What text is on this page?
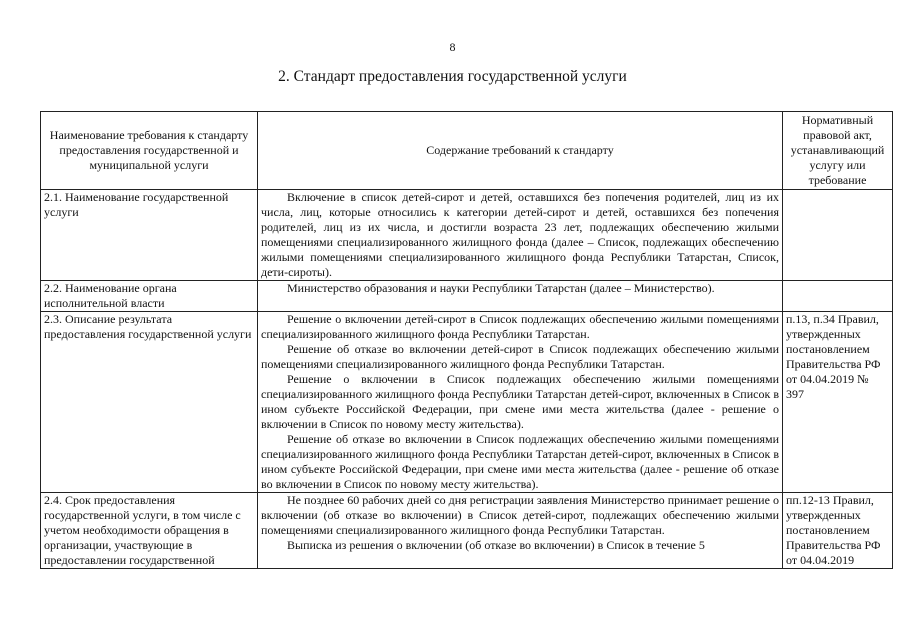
8
2. Стандарт предоставления государственной услуги
Наименование требования к стандарту предоставления государственной и муниципальной услуги	Содержание требований к стандарту	Нормативный правовой акт, устанавливающий услугу или требование
2.1. Наименование государственной услуги	Включение в список детей-сирот и детей, оставшихся без попечения родителей, лиц из их числа, лиц, которые относились к категории детей-сирот и детей, оставшихся без попечения родителей, лиц из их числа, и достигли возраста 23 лет, подлежащих обеспечению жилыми помещениями специализированного жилищного фонда (далее – Список, подлежащих обеспечению жилыми помещениями специализированного жилищного фонда Республики Татарстан, Список, дети-сироты).	

2.2. Наименование органа исполнительной власти	Министерство образования и науки Республики Татарстан (далее – Министерство).	

2.3. Описание результата предоставления государственной услуги	Решение о включении детей-сирот в Список подлежащих обеспечению жилыми помещениями специализированного жилищного фонда Республики Татарстан.

Решение об отказе во включении детей-сирот в Список подлежащих обеспечению жилыми помещениями специализированного жилищного фонда Республики Татарстан.

Решение о включении в Список подлежащих обеспечению жилыми помещениями специализированного жилищного фонда Республики Татарстан детей-сирот, включенных в Список в ином субъекте Российской Федерации, при смене ими места жительства (далее - решение о включении в Список по новому месту жительства).

Решение об отказе во включении в Список подлежащих обеспечению жилыми помещениями специализированного жилищного фонда Республики Татарстан детей-сирот, включенных в Список в ином субъекте Российской Федерации, при смене ими места жительства (далее - решение об отказе во включении в Список по новому месту жительства).	п.13, п.34 Правил, утвержденных постановлением Правительства РФ от 04.04.2019 № 397
2.4. Срок предоставления государственной услуги, в том числе с учетом необходимости обращения в организации, участвующие в предоставлении государственной	Не позднее 60 рабочих дней со дня регистрации заявления Министерство принимает решение о включении (об отказе во включении) в Список детей-сирот, подлежащих обеспечению жилыми помещениями специализированного жилищного фонда Республики Татарстан.

Выписка из решения о включении (об отказе во включении) в Список в течение 5	пп.12-13 Правил, утвержденных постановлением Правительства РФ от 04.04.2019
